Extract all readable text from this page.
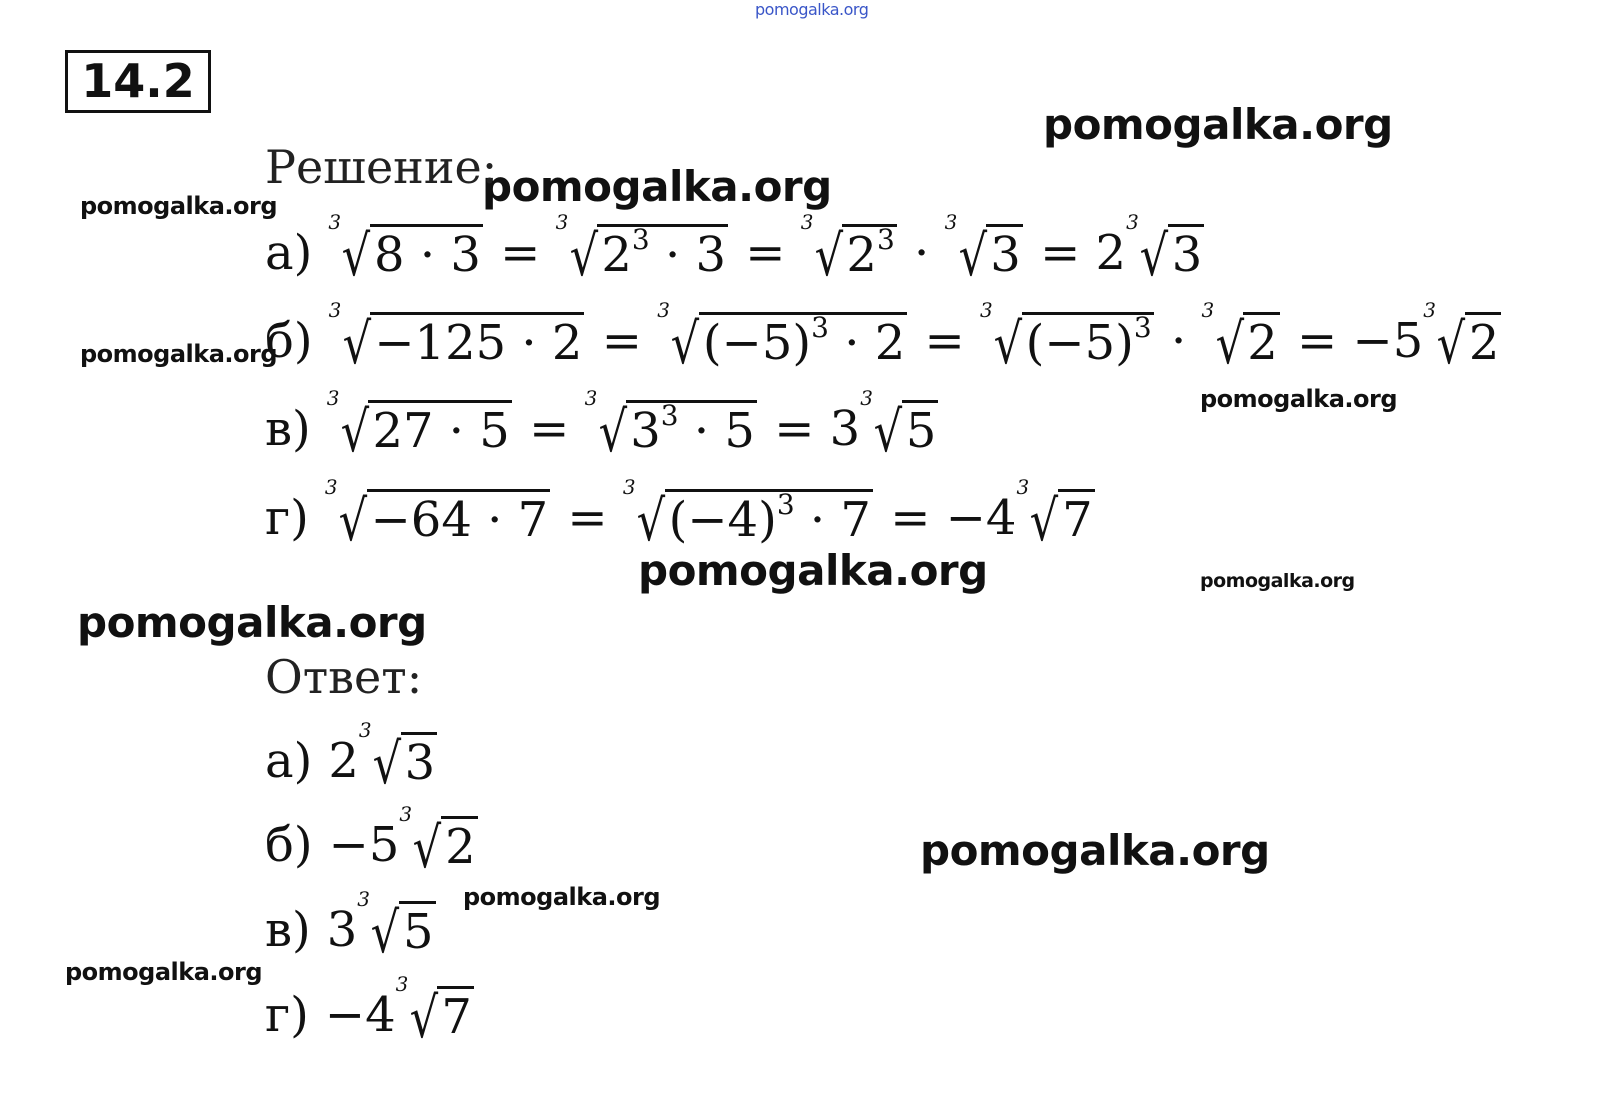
pomogalka.org
pomogalka.org
pomogalka.org
pomogalka.org
pomogalka.org
pomogalka.org
pomogalka.org	pomogalka.org
pomogalka.org
pomogalka.org
pomogalka.org
pomogalka.org
14.2
Решение:
Ответ:
а)
3
√ 8 · 3 =
3
√ $2^3 \cdot 3$ =
3
√ $2^3$ ·
3
√ 3 = 2
3
√ 3
б)
3
√ −125 · 2 =
3
√ $(-5)^3 \cdot 2$ =
3
√ $(-5)^3$ ·
3
√ 2 = −5
3
√ 2
в)
3
√ 27 · 5 =
3
√ $3^3 \cdot 5 = 3$
3
√ 5
г)
3
√ −64 · 7 =
3
√ $(-4)^3 \cdot 7 = -4$
3
√ 7
а) 2
3
√ 3
б) −5
3
√ 2
в) 3
3
√ 5
г) −4
3
√ 7
